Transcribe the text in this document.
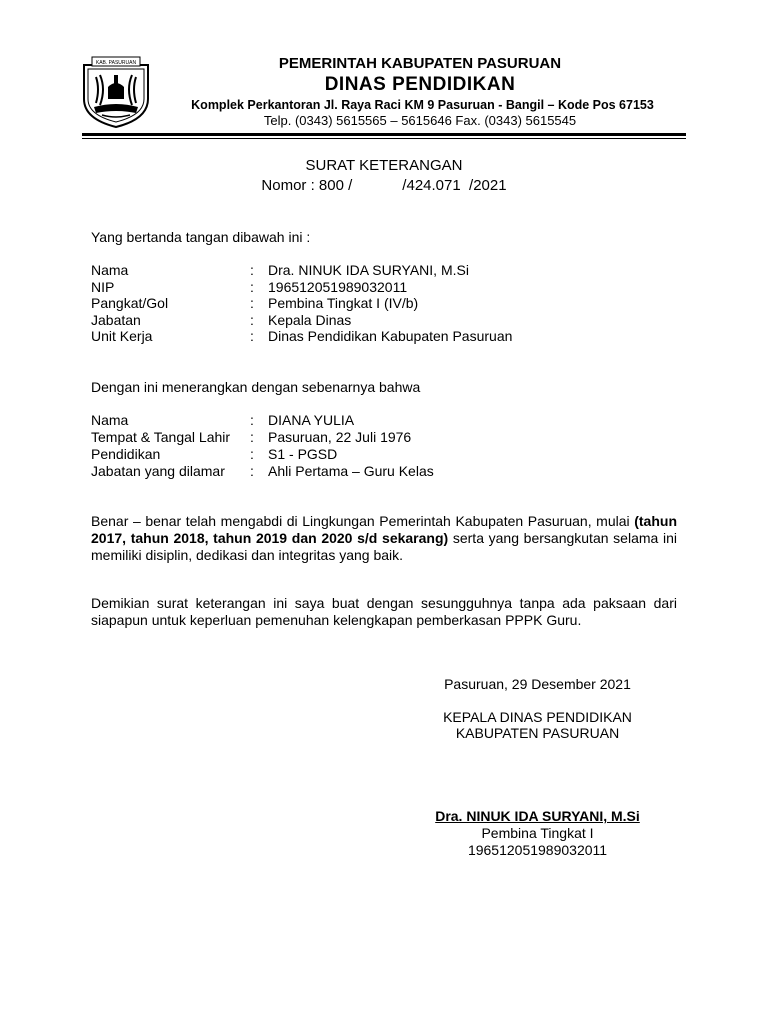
KAB. PASURUAN	PEMERINTAH KABUPATEN PASURUAN
DINAS PENDIDIKAN
Komplek Perkantoran Jl. Raya Raci KM 9 Pasuruan - Bangil – Kode Pos 67153
Telp. (0343) 5615565 – 5615646 Fax. (0343) 5615545
SURAT KETERANGAN
Nomor : 800 /            /424.071  /2021
Yang bertanda tangan dibawah ini :
Nama	: Dra. NINUK IDA SURYANI, M.Si
NIP	: 196512051989032011
Pangkat/Gol	: Pembina Tingkat I (IV/b)
Jabatan	: Kepala Dinas
Unit Kerja	: Dinas Pendidikan Kabupaten Pasuruan
Dengan ini menerangkan dengan sebenarnya bahwa
Nama	: DIANA YULIA
Tempat & Tangal Lahir : Pasuruan, 22 Juli 1976
Pendidikan	: S1 - PGSD
Jabatan yang dilamar : Ahli Pertama – Guru Kelas
Benar – benar telah mengabdi di Lingkungan Pemerintah Kabupaten Pasuruan, mulai (tahun 2017, tahun 2018, tahun 2019 dan 2020 s/d sekarang) serta yang bersangkutan selama ini memiliki disiplin, dedikasi dan integritas yang baik.
Demikian surat keterangan ini saya buat dengan sesungguhnya tanpa ada paksaan dari siapapun untuk keperluan pemenuhan kelengkapan pemberkasan PPPK Guru.
Pasuruan, 29 Desember 2021
KEPALA DINAS PENDIDIKAN
KABUPATEN PASURUAN
Dra. NINUK IDA SURYANI, M.Si
Pembina Tingkat I
196512051989032011
